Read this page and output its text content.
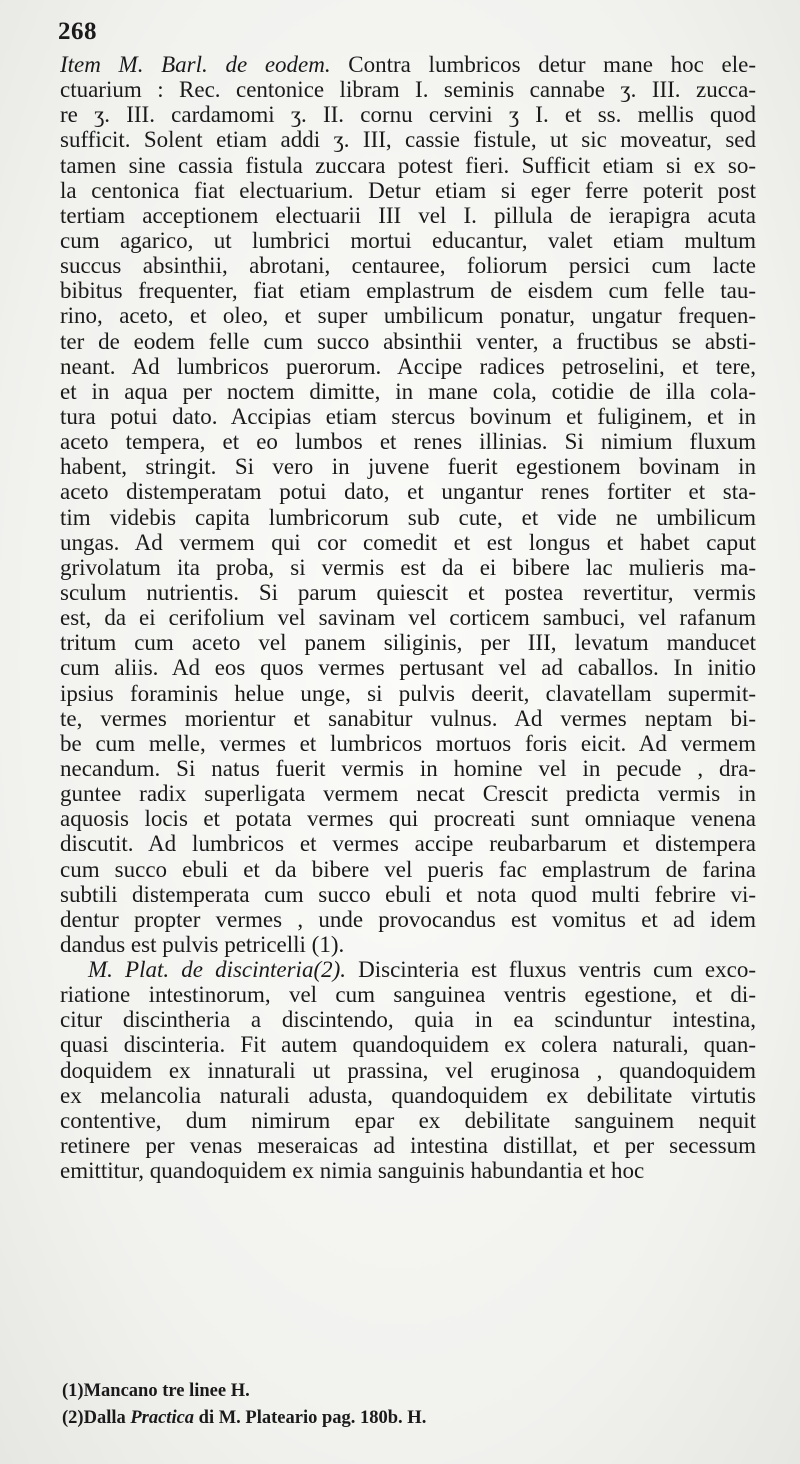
268
Item M. Barl. de eodem. Contra lumbricos detur mane hoc ele-
ctuarium : Rec. centonice libram I. seminis cannabe ʒ. III. zucca-
re ʒ. III. cardamomi ʒ. II. cornu cervini ʒ I. et ss. mellis quod
sufficit. Solent etiam addi ʒ. III, cassie fistule, ut sic moveatur, sed
tamen sine cassia fistula zuccara potest fieri. Sufficit etiam si ex so-
la centonica fiat electuarium. Detur etiam si eger ferre poterit post
tertiam acceptionem electuarii III vel I. pillula de ierapigra acuta
cum agarico, ut lumbrici mortui educantur, valet etiam multum
succus absinthii, abrotani, centauree, foliorum persici cum lacte
bibitus frequenter, fiat etiam emplastrum de eisdem cum felle tau-
rino, aceto, et oleo, et super umbilicum ponatur, ungatur frequen-
ter de eodem felle cum succo absinthii venter, a fructibus se absti-
neant. Ad lumbricos puerorum. Accipe radices petroselini, et tere,
et in aqua per noctem dimitte, in mane cola, cotidie de illa cola-
tura potui dato. Accipias etiam stercus bovinum et fuliginem, et in
aceto tempera, et eo lumbos et renes illinias. Si nimium fluxum
habent, stringit. Si vero in juvene fuerit egestionem bovinam in
aceto distemperatam potui dato, et ungantur renes fortiter et sta-
tim videbis capita lumbricorum sub cute, et vide ne umbilicum
ungas. Ad vermem qui cor comedit et est longus et habet caput
grivolatum ita proba, si vermis est da ei bibere lac mulieris ma-
sculum nutrientis. Si parum quiescit et postea revertitur, vermis
est, da ei cerifolium vel savinam vel corticem sambuci, vel rafanum
tritum cum aceto vel panem siliginis, per III, levatum manducet
cum aliis. Ad eos quos vermes pertusant vel ad caballos. In initio
ipsius foraminis helue unge, si pulvis deerit, clavatellam supermit-
te, vermes morientur et sanabitur vulnus. Ad vermes neptam bi-
be cum melle, vermes et lumbricos mortuos foris eicit. Ad vermem
necandum. Si natus fuerit vermis in homine vel in pecude , dra-
guntee radix superligata vermem necat Crescit predicta vermis in
aquosis locis et potata vermes qui procreati sunt omniaque venena
discutit. Ad lumbricos et vermes accipe reubarbarum et distempera
cum succo ebuli et da bibere vel pueris fac emplastrum de farina
subtili distemperata cum succo ebuli et nota quod multi febrire vi-
dentur propter vermes , unde provocandus est vomitus et ad idem
dandus est pulvis petricelli (1).
M. Plat. de discinteria(2). Discinteria est fluxus ventris cum exco-
riatione intestinorum, vel cum sanguinea ventris egestione, et di-
citur discintheria a discintendo, quia in ea scinduntur intestina,
quasi discinteria. Fit autem quandoquidem ex colera naturali, quan-
doquidem ex innaturali ut prassina, vel eruginosa , quandoquidem
ex melancolia naturali adusta, quandoquidem ex debilitate virtutis
contentive, dum nimirum epar ex debilitate sanguinem nequit
retinere per venas meseraicas ad intestina distillat, et per secessum
emittitur, quandoquidem ex nimia sanguinis habundantia et hoc
(1)Mancano tre linee H.
(2)Dalla Practica di M. Plateario pag. 180b. H.
